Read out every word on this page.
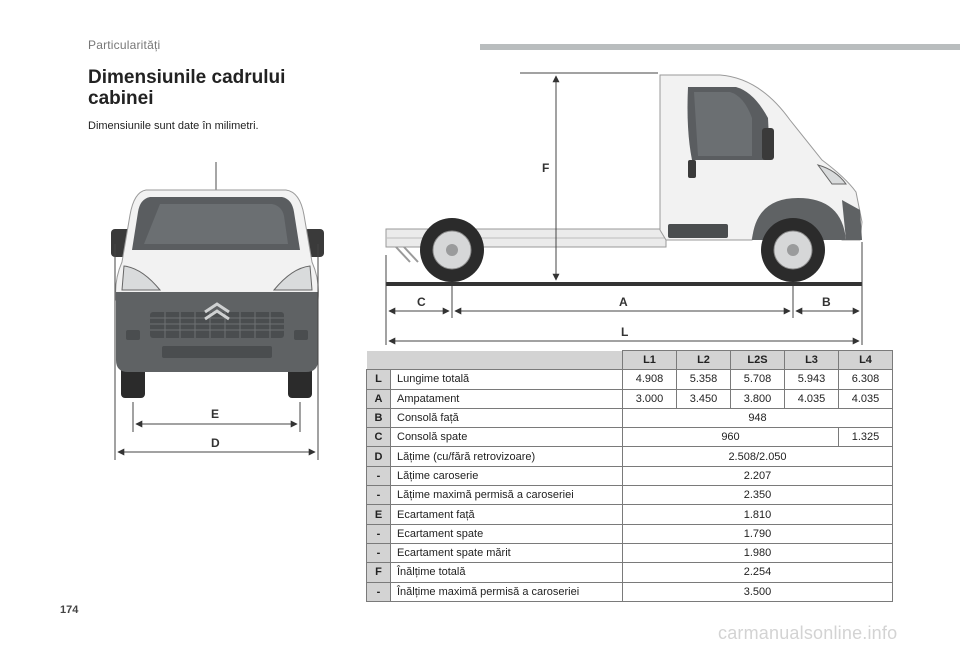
Particularități
Dimensiunile cadrului cabinei
Dimensiunile sunt date în milimetri.
E
D
F
C	A	B
L
		L1	L2	L2S	L3	L4
L	Lungime totală	4.908	5.358	5.708	5.943	6.308
A	Ampatament	3.000	3.450	3.800	4.035	4.035
B	Consolă față	948				
C	Consolă spate	960				1.325
D	Lățime (cu/fără retrovizoare)	2.508/2.050				
-	Lățime caroserie	2.207				
-	Lățime maximă permisă a caroseriei	2.350				
E	Ecartament față	1.810				
-	Ecartament spate	1.790				
-	Ecartament spate mărit	1.980				
F	Înălțime totală	2.254				
-	Înălțime maximă permisă a caroseriei	3.500				
174
carmanualsonline.info
